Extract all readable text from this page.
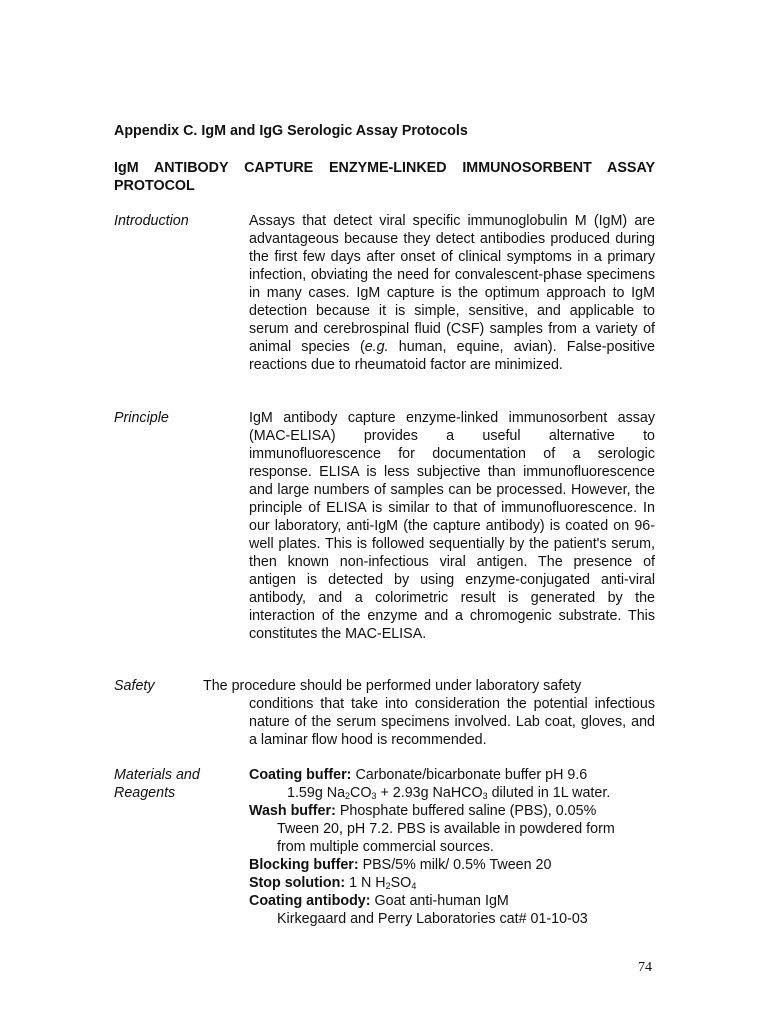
Appendix C. IgM and IgG Serologic Assay Protocols

IgM ANTIBODY CAPTURE ENZYME-LINKED IMMUNOSORBENT ASSAY PROTOCOL

Introduction	Assays that detect viral specific immunoglobulin M (IgM) are advantageous because they detect antibodies produced during the first few days after onset of clinical symptoms in a primary infection, obviating the need for convalescent-phase specimens in many cases. IgM capture is the optimum approach to IgM detection because it is simple, sensitive, and applicable to serum and cerebrospinal fluid (CSF) samples from a variety of animal species (e.g. human, equine, avian). False-positive reactions due to rheumatoid factor are minimized.

Principle	IgM antibody capture enzyme-linked immunosorbent assay (MAC-ELISA) provides a useful alternative to immunofluorescence for documentation of a serologic response. ELISA is less subjective than immunofluorescence and large numbers of samples can be processed. However, the principle of ELISA is similar to that of immunofluorescence. In our laboratory, anti-IgM (the capture antibody) is coated on 96-well plates. This is followed sequentially by the patient's serum, then known non-infectious viral antigen. The presence of antigen is detected by using enzyme-conjugated anti-viral antibody, and a colorimetric result is generated by the interaction of the enzyme and a chromogenic substrate. This constitutes the MAC-ELISA.

Safety	The procedure should be performed under laboratory safety

conditions that take into consideration the potential infectious nature of the serum specimens involved. Lab coat, gloves, and a laminar flow hood is recommended.

Materials and
Reagents

Coating buffer: Carbonate/bicarbonate buffer pH 9.6
1.59g $Na_2CO_3 + 2.93g$ NaHCO$_3$ diluted in 1L water.
Wash buffer: Phosphate buffered saline (PBS), 0.05%
Tween 20, pH 7.2. PBS is available in powdered form
from multiple commercial sources.
Blocking buffer: PBS/5% milk/ 0.5% Tween 20
Stop solution: 1 N $H_2SO_4$
Coating antibody: Goat anti-human IgM
Kirkegaard and Perry Laboratories cat# 01-10-03

74
